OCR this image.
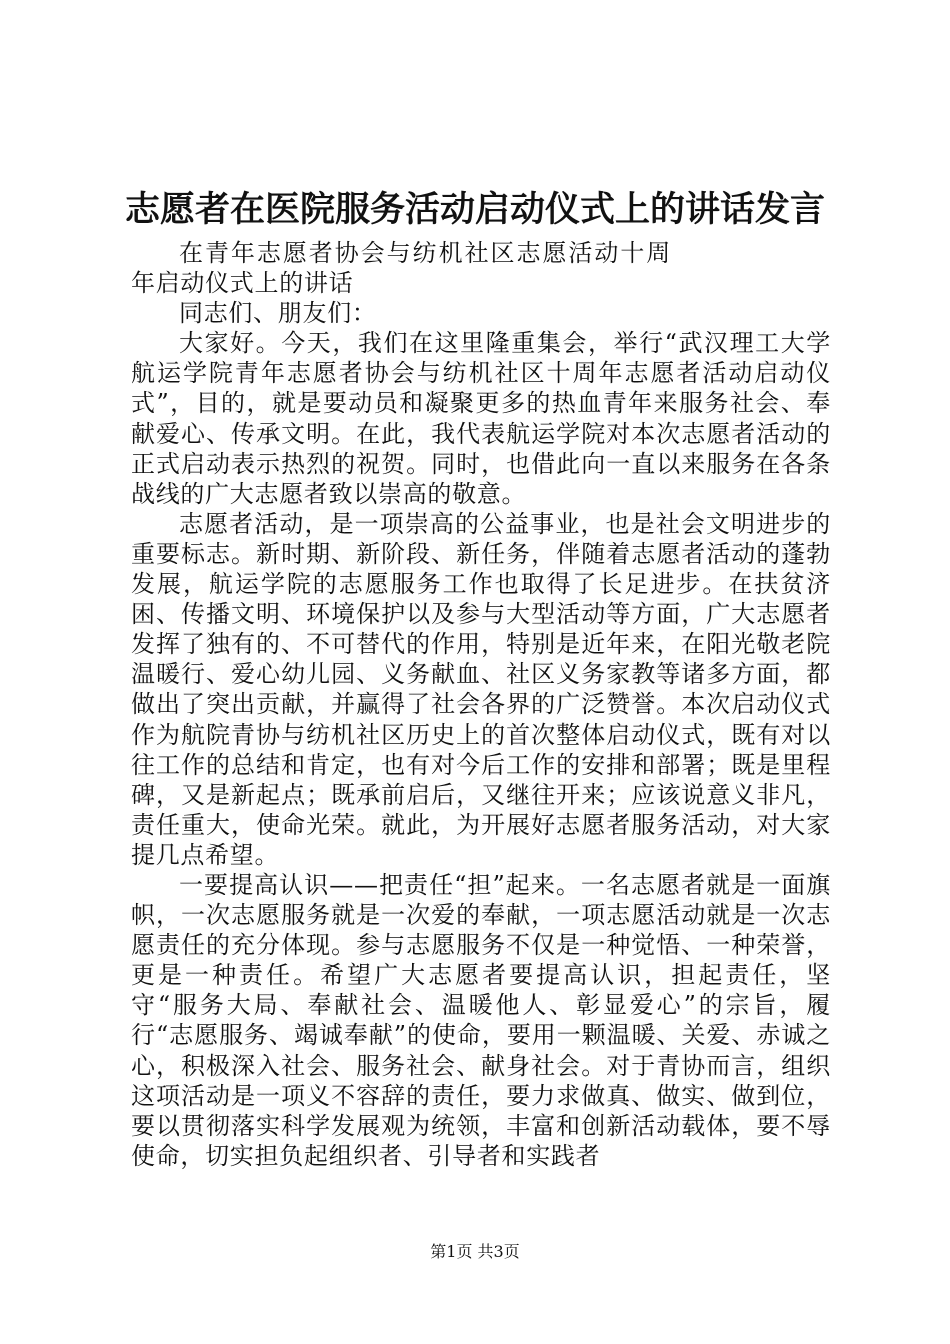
志愿者在医院服务活动启动仪式上的讲话发言

在青年志愿者协会与纺机社区志愿活动十周年启动仪式上的讲话

同志们、朋友们：

大家好。今天，我们在这里隆重集会，举行“武汉理工大学航运学院青年志愿者协会与纺机社区十周年志愿者活动启动仪式”，目的，就是要动员和凝聚更多的热血青年来服务社会、奉献爱心、传承文明。在此，我代表航运学院对本次志愿者活动的正式启动表示热烈的祝贺。同时，也借此向一直以来服务在各条战线的广大志愿者致以崇高的敬意。

志愿者活动，是一项崇高的公益事业，也是社会文明进步的重要标志。新时期、新阶段、新任务，伴随着志愿者活动的蓬勃发展，航运学院的志愿服务工作也取得了长足进步。在扶贫济困、传播文明、环境保护以及参与大型活动等方面，广大志愿者发挥了独有的、不可替代的作用，特别是近年来，在阳光敬老院温暖行、爱心幼儿园、义务献血、社区义务家教等诸多方面，都做出了突出贡献，并赢得了社会各界的广泛赞誉。本次启动仪式作为航院青协与纺机社区历史上的首次整体启动仪式，既有对以往工作的总结和肯定，也有对今后工作的安排和部署；既是里程碑，又是新起点；既承前启后，又继往开来；应该说意义非凡，责任重大，使命光荣。就此，为开展好志愿者服务活动，对大家提几点希望。

一要提高认识——把责任“担”起来。一名志愿者就是一面旗帜，一次志愿服务就是一次爱的奉献，一项志愿活动就是一次志愿责任的充分体现。参与志愿服务不仅是一种觉悟、一种荣誉，更是一种责任。希望广大志愿者要提高认识，担起责任，坚守“服务大局、奉献社会、温暖他人、彰显爱心”的宗旨，履行“志愿服务、竭诚奉献”的使命，要用一颗温暖、关爱、赤诚之心，积极深入社会、服务社会、献身社会。对于青协而言，组织这项活动是一项义不容辞的责任，要力求做真、做实、做到位，要以贯彻落实科学发展观为统领，丰富和创新活动载体，要不辱使命，切实担负起组织者、引导者和实践者

第1页 共3页
